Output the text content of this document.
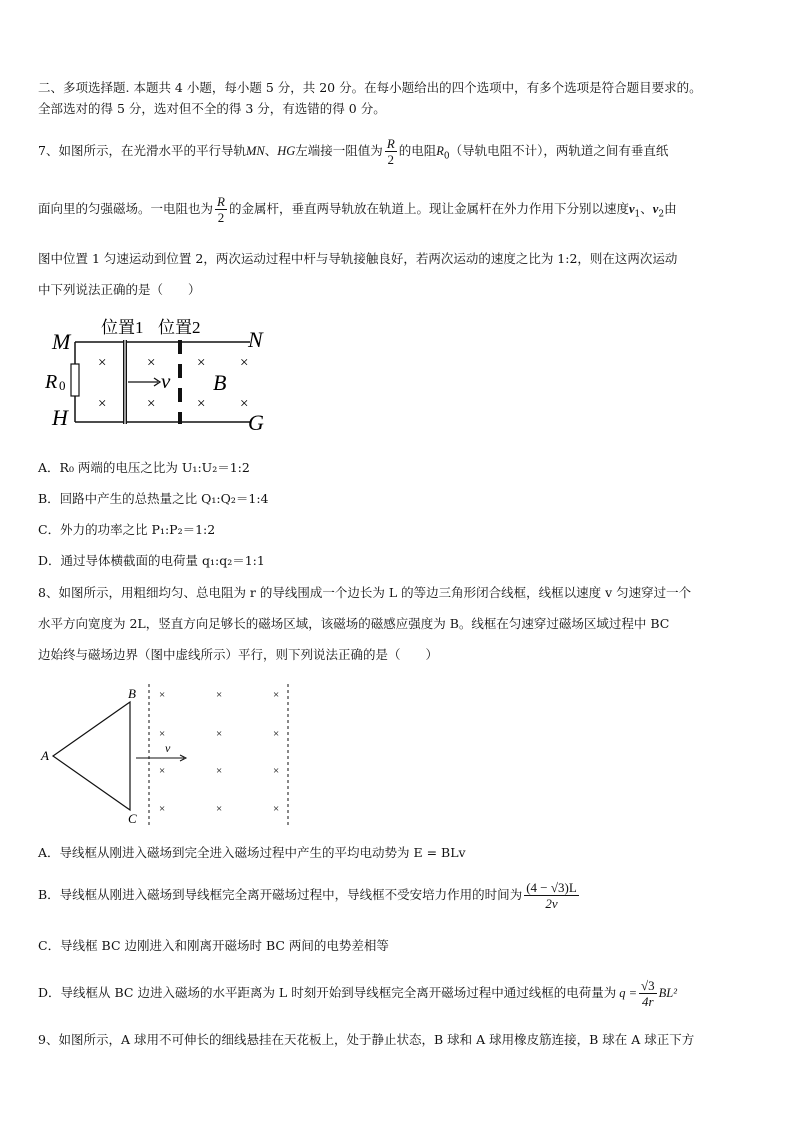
二、多项选择题. 本题共 4 小题，每小题 5 分，共 20 分。在每小题给出的四个选项中，有多个选项是符合题目要求的。
全部选对的得 5 分，选对但不全的得 3 分，有选错的得 0 分。
7、如图所示，在光滑水平的平行导轨MN、HG左端接一阻值为 $\frac{R}{2}$ 的电阻$R_0$（导轨电阻不计），两轨道之间有垂直纸
面向里的匀强磁场。一电阻也为 $\frac{R}{2}$ 的金属杆，垂直两导轨放在轨道上。现让金属杆在外力作用下分别以速度$v_1$、$v_2$由
图中位置 1 匀速运动到位置 2，两次运动过程中杆与导轨接触良好，若两次运动的速度之比为 1:2，则在这两次运动
中下列说法正确的是（　　）
M	N
H	G
R 0
位置1 位置2
v B
×
×
×
×
×
×
×
×
A．R₀ 两端的电压之比为 U₁:U₂＝1:2
B．回路中产生的总热量之比 Q₁:Q₂＝1:4
C．外力的功率之比 P₁:P₂＝1:2
D．通过导体横截面的电荷量 q₁:q₂＝1:1
8、如图所示，用粗细均匀、总电阻为 r 的导线围成一个边长为 L 的等边三角形闭合线框，线框以速度 v 匀速穿过一个
水平方向宽度为 2L，竖直方向足够长的磁场区域，该磁场的磁感应强度为 B。线框在匀速穿过磁场区域过程中 BC
边始终与磁场边界（图中虚线所示）平行，则下列说法正确的是（　　）
A
B
C
v
×	×	×
×	×	×
×	×	×
×	×	×
A．导线框从刚进入磁场到完全进入磁场过程中产生的平均电动势为 E = BLv
B．导线框从刚进入磁场到导线框完全离开磁场过程中，导线框不受安培力作用的时间为 $\frac{(4 - √3)L}{2v}$
C．导线框 BC 边刚进入和刚离开磁场时 BC 两间的电势差相等
D．导线框从 BC 边进入磁场的水平距离为 L 时刻开始到导线框完全离开磁场过程中通过线框的电荷量为 $q = \frac{√3}{4r} BL^2$
9、如图所示，A 球用不可伸长的细线悬挂在天花板上，处于静止状态，B 球和 A 球用橡皮筋连接，B 球在 A 球正下方
